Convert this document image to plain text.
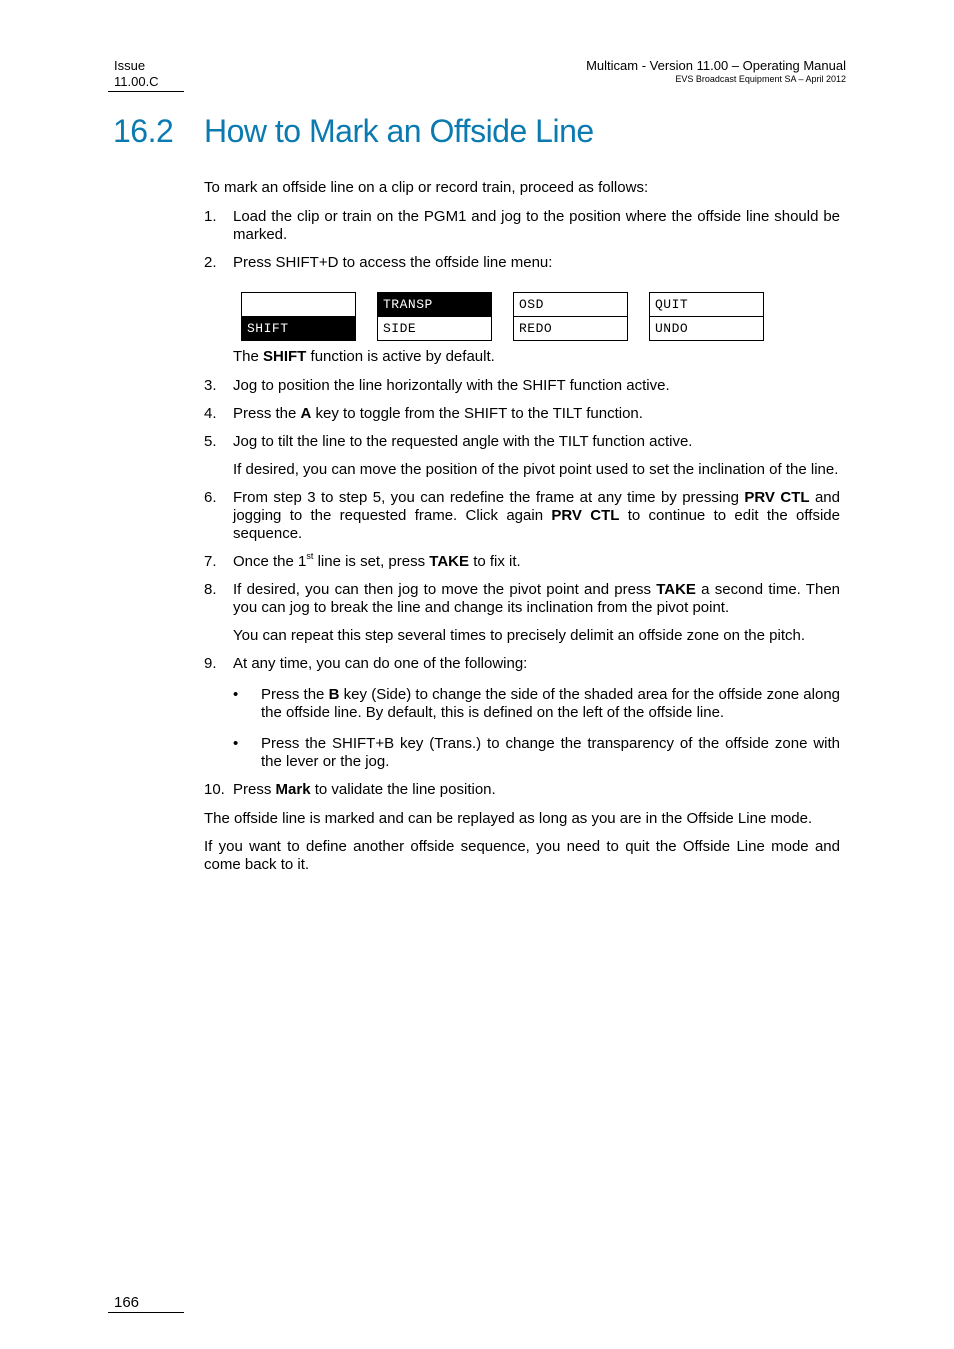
Issue
11.00.C
Multicam - Version 11.00 – Operating Manual
EVS Broadcast Equipment SA – April 2012
16.2 How to Mark an Offside Line

To mark an offside line on a clip or record train, proceed as follows:

1. Load the clip or train on the PGM1 and jog to the position where the offside line should be marked.
2. Press SHIFT+D to access the offside line menu:
SHIFT
TRANSP
SIDE
OSD
REDO
QUIT
UNDO

The SHIFT function is active by default.

3. Jog to position the line horizontally with the SHIFT function active.
4. Press the A key to toggle from the SHIFT to the TILT function.
5. Jog to tilt the line to the requested angle with the TILT function active.

If desired, you can move the position of the pivot point used to set the inclination of the line.

6. From step 3 to step 5, you can redefine the frame at any time by pressing PRV CTL and jogging to the requested frame. Click again PRV CTL to continue to edit the offside sequence.
7. Once the 1st line is set, press TAKE to fix it.
8. If desired, you can then jog to move the pivot point and press TAKE a second time. Then you can jog to break the line and change its inclination from the pivot point.

You can repeat this step several times to precisely delimit an offside zone on the pitch.

9. At any time, you can do one of the following:
• Press the B key (Side) to change the side of the shaded area for the offside zone along the offside line. By default, this is defined on the left of the offside line.
• Press the SHIFT+B key (Trans.) to change the transparency of the offside zone with the lever or the jog.
10. Press Mark to validate the line position.

The offside line is marked and can be replayed as long as you are in the Offside Line mode.

If you want to define another offside sequence, you need to quit the Offside Line mode and come back to it.

166
